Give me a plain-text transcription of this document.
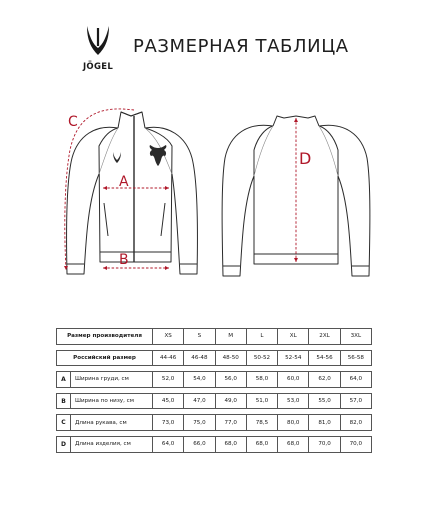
JÖGEL
РАЗМЕРНАЯ ТАБЛИЦА
A
B
C
D
Размер производителя		XS	S	M	L	XL	2XL	3XL

Российский размер		44-46	46-48	48-50	50-52	52-54	54-56	56-58

A	Ширина груди, см	52,0	54,0	56,0	58,0	60,0	62,0	64,0

B	Ширина по низу, см	45,0	47,0	49,0	51,0	53,0	55,0	57,0

C	Длина рукава, см	73,0	75,0	77,0	78,5	80,0	81,0	82,0

D	Длина изделия, см	64,0	66,0	68,0	68,0	68,0	70,0	70,0
